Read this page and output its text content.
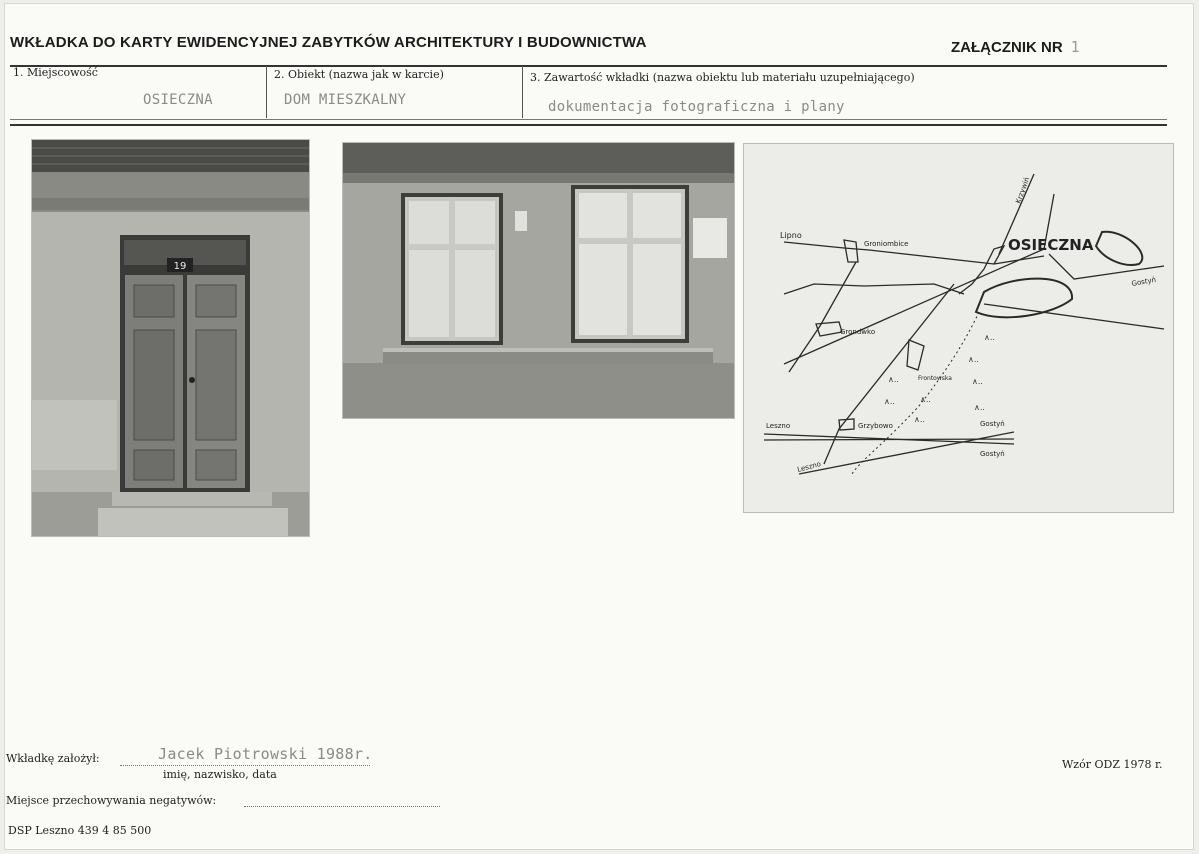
WKŁADKA DO KARTY EWIDENCYJNEJ ZABYTKÓW ARCHITEKTURY I BUDOWNICTWA	ZAŁĄCZNIK NR 1
1. Miejscowość
OSIECZNA
2. Obiekt (nazwa jak w karcie)
DOM MIESZKALNY
3. Zawartość wkładki (nazwa obiektu lub materiału uzupełniającego)
dokumentacja fotograficzna i plany
19
OSIECZNA
Lipno
Groniombice
Grondwko
Frontowska
Grzybowo
Leszno
Leszno
Gostyń
Gostyń
Gostyń
Krzywiń
∧..
∧..
∧..
∧..
∧..	∧..
∧..
∧..
Wkładkę założył:	Jacek Piotrowski 1988r.
imię, nazwisko, data
Wzór ODZ 1978 r.
Miejsce przechowywania negatywów:
DSP Leszno 439 4 85 500
